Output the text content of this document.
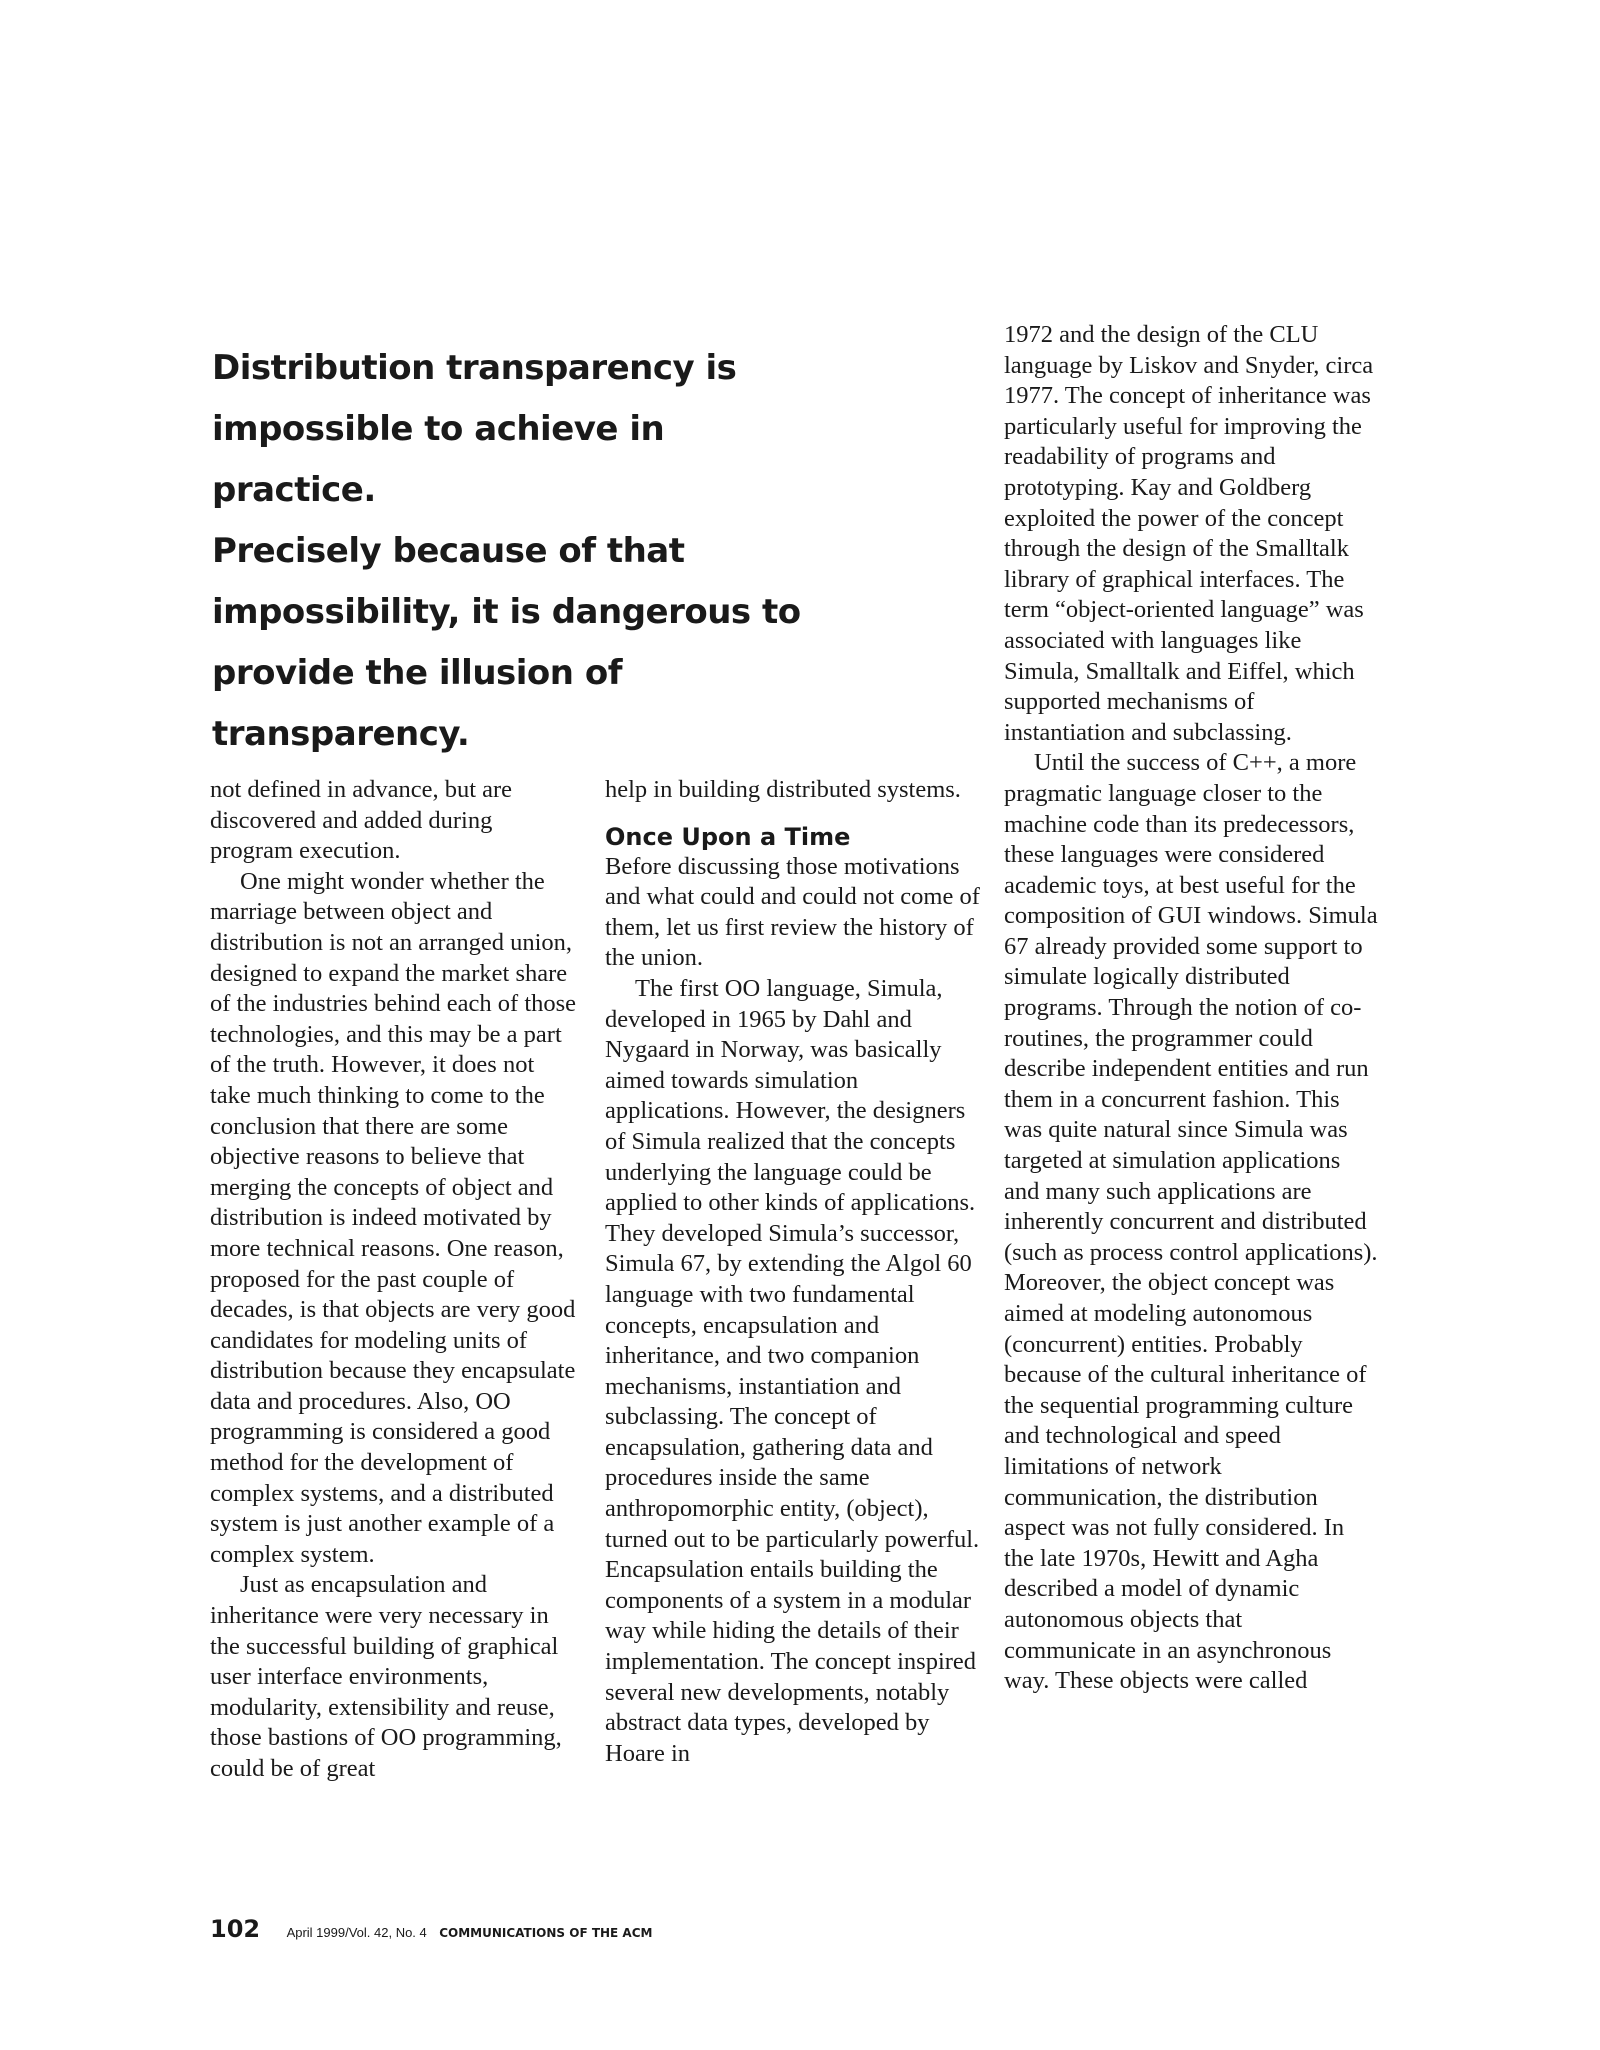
Distribution transparency is
impossible to achieve in practice.
Precisely because of that
impossibility, it is dangerous to
provide the illusion of
transparency.

not defined in advance, but are discovered and added during program execution.

One might wonder whether the marriage between object and distribution is not an arranged union, designed to expand the market share of the industries behind each of those technologies, and this may be a part of the truth. However, it does not take much thinking to come to the conclusion that there are some objective reasons to believe that merging the concepts of object and distribution is indeed motivated by more technical reasons. One reason, proposed for the past couple of decades, is that objects are very good candidates for modeling units of distribution because they encapsulate data and procedures. Also, OO programming is considered a good method for the development of complex systems, and a distributed system is just another example of a complex system.

Just as encapsulation and inheritance were very necessary in the successful building of graphical user interface environments, modularity, extensibility and reuse, those bastions of OO programming, could be of great

help in building distributed systems.

Once Upon a Time

Before discussing those motivations and what could and could not come of them, let us first review the history of the union.

The first OO language, Simula, developed in 1965 by Dahl and Nygaard in Norway, was basically aimed towards simulation applications. However, the designers of Simula realized that the concepts underlying the language could be applied to other kinds of applications. They developed Simula’s successor, Simula 67, by extending the Algol 60 language with two fundamental concepts, encapsulation and inheritance, and two companion mechanisms, instantiation and subclassing. The concept of encapsulation, gathering data and procedures inside the same anthropomorphic entity, (object), turned out to be particularly powerful. Encapsulation entails building the components of a system in a modular way while hiding the details of their implementation. The concept inspired several new developments, notably abstract data types, developed by Hoare in

1972 and the design of the CLU language by Liskov and Snyder, circa 1977. The concept of inheritance was particularly useful for improving the readability of programs and prototyping. Kay and Goldberg exploited the power of the concept through the design of the Smalltalk library of graphical interfaces. The term “object-oriented language” was associated with languages like Simula, Smalltalk and Eiffel, which supported mechanisms of instantiation and subclassing.

Until the success of C++, a more pragmatic language closer to the machine code than its predecessors, these languages were considered academic toys, at best useful for the composition of GUI windows. Simula 67 already provided some support to simulate logically distributed programs. Through the notion of co-routines, the programmer could describe independent entities and run them in a concurrent fashion. This was quite natural since Simula was targeted at simulation applications and many such applications are inherently concurrent and distributed (such as process control applications). Moreover, the object concept was aimed at modeling autonomous (concurrent) entities. Probably because of the cultural inheritance of the sequential programming culture and technological and speed limitations of network communication, the distribution aspect was not fully considered. In the late 1970s, Hewitt and Agha described a model of dynamic autonomous objects that communicate in an asynchronous way. These objects were called

102 April 1999/Vol. 42, No. 4 COMMUNICATIONS OF THE ACM
